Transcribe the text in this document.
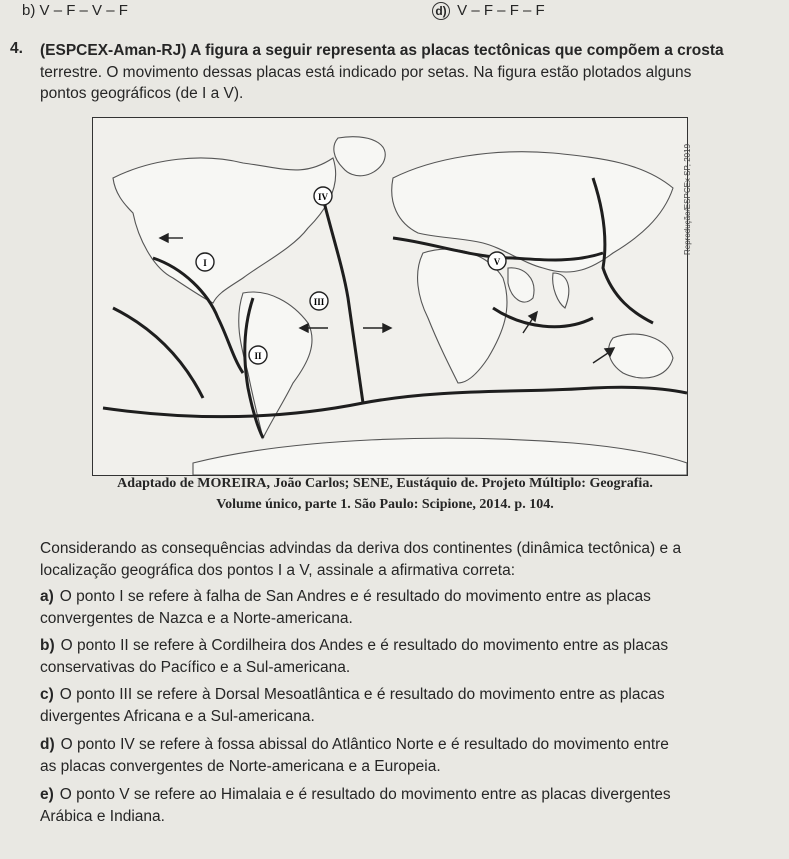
b) V – F – V – F	d) V – F – F – F
4. (ESPCEX-Aman-RJ) A figura a seguir representa as placas tectônicas que compõem a crosta
terrestre. O movimento dessas placas está indicado por setas. Na figura estão plotados alguns
pontos geográficos (de I a V).
IV
I
III
II
V
Reprodução/ESPCEx SP, 2019
Adaptado de MOREIRA, João Carlos; SENE, Eustáquio de. Projeto Múltiplo: Geografia.
Volume único, parte 1. São Paulo: Scipione, 2014. p. 104.
Considerando as consequências advindas da deriva dos continentes (dinâmica tectônica) e a
localização geográfica dos pontos I a V, assinale a afirmativa correta:
a) O ponto I se refere à falha de San Andres e é resultado do movimento entre as placas
convergentes de Nazca e a Norte-americana.
b) O ponto II se refere à Cordilheira dos Andes e é resultado do movimento entre as placas
conservativas do Pacífico e a Sul-americana.
c) O ponto III se refere à Dorsal Mesoatlântica e é resultado do movimento entre as placas
divergentes Africana e a Sul-americana.
d) O ponto IV se refere à fossa abissal do Atlântico Norte e é resultado do movimento entre
as placas convergentes de Norte-americana e a Europeia.
e) O ponto V se refere ao Himalaia e é resultado do movimento entre as placas divergentes
Arábica e Indiana.
